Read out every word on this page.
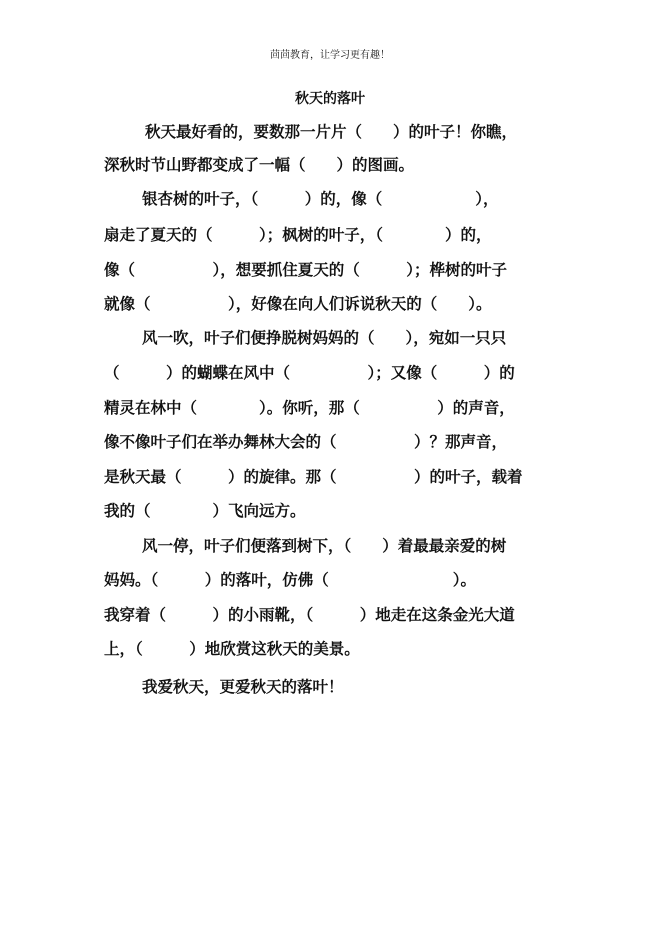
茴茴教育，让学习更有趣！
秋天的落叶
秋天最好看的，要数那一片片（　　）的叶子！你瞧，
深秋时节山野都变成了一幅（　　）的图画。
银杏树的叶子，（　　　）的，像（　　　　　　），
扇走了夏天的（　　　）；枫树的叶子，（　　　　）的，
像（　　　　　），想要抓住夏天的（　　　）；桦树的叶子
就像（　　　　　），好像在向人们诉说秋天的（　　）。
风一吹，叶子们便挣脱树妈妈的（　　），宛如一只只
（　　　）的蝴蝶在风中（　　　　　）；又像（　　　）的
精灵在林中（　　　　）。你听，那（　　　　　）的声音，
像不像叶子们在举办舞林大会的（　　　　　）？那声音，
是秋天最（　　　）的旋律。那（　　　　　）的叶子，载着
我的（　　　　）飞向远方。
风一停，叶子们便落到树下，（　　）着最最亲爱的树
妈妈。（　　　）的落叶，仿佛（　　　　　　　　）。
我穿着（　　　）的小雨靴，（　　　）地走在这条金光大道
上，（　　　）地欣赏这秋天的美景。
我爱秋天，更爱秋天的落叶！
